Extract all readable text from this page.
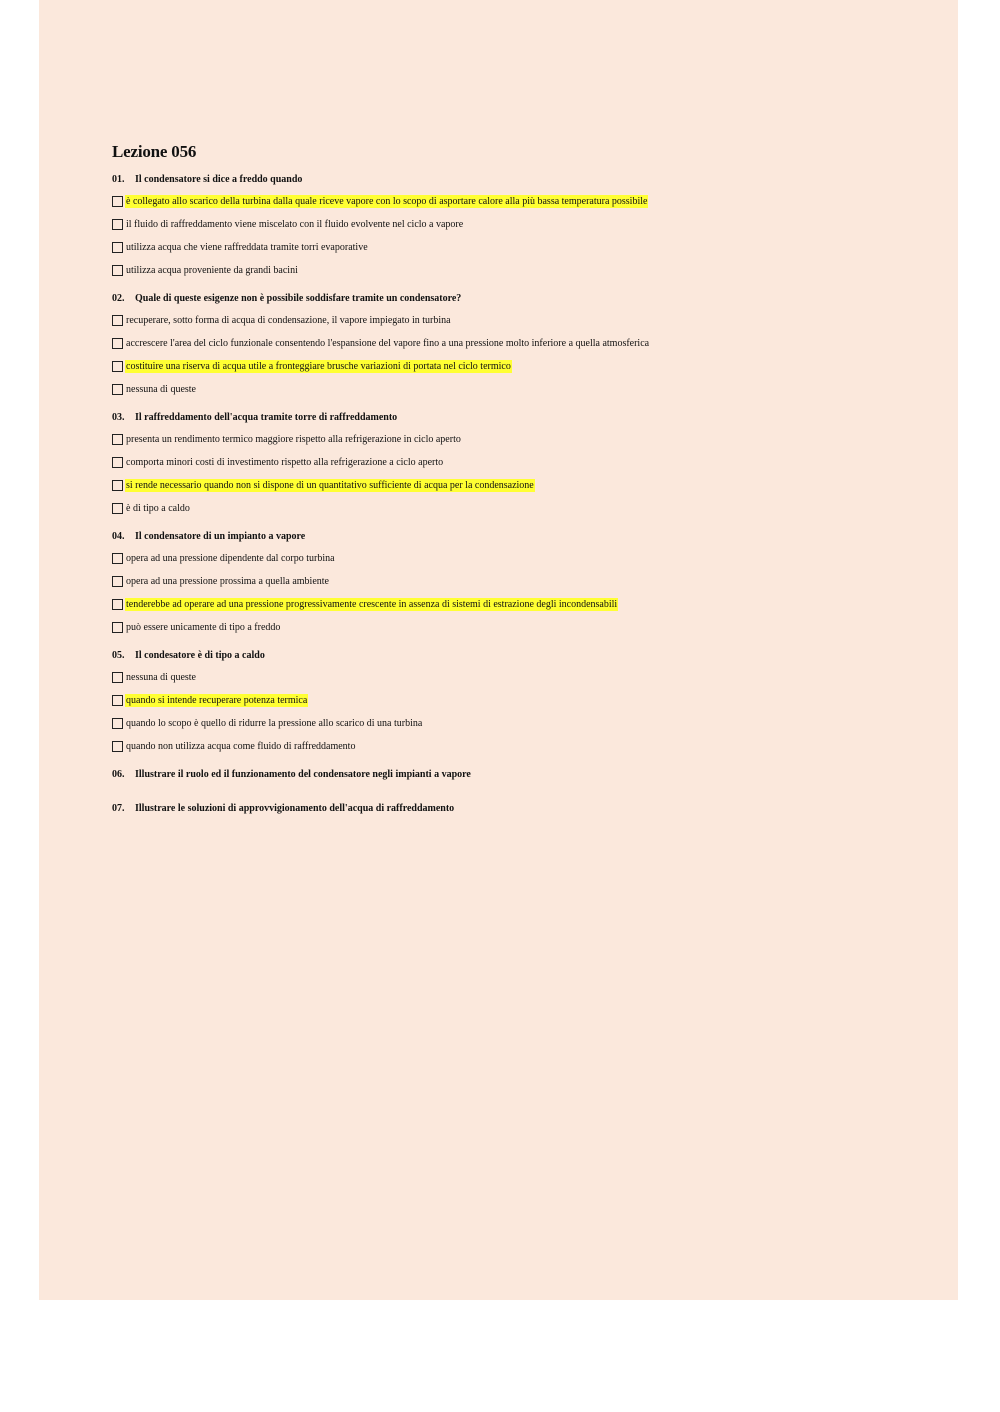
Lezione 056
01.	Il condensatore si dice a freddo quando
è collegato allo scarico della turbina dalla quale riceve vapore con lo scopo di asportare calore alla più bassa temperatura possibile
il fluido di raffreddamento viene miscelato con il fluido evolvente nel ciclo a vapore
utilizza acqua che viene raffreddata tramite torri evaporative
utilizza acqua proveniente da grandi bacini
02.	Quale di queste esigenze non è possibile soddisfare tramite un condensatore?
recuperare, sotto forma di acqua di condensazione, il vapore impiegato in turbina
accrescere l'area del ciclo funzionale consentendo l'espansione del vapore fino a una pressione molto inferiore a quella atmosferica
costituire una riserva di acqua utile a fronteggiare brusche variazioni di portata nel ciclo termico
nessuna di queste
03.	Il raffreddamento dell'acqua tramite torre di raffreddamento
presenta un rendimento termico maggiore rispetto alla refrigerazione in ciclo aperto
comporta minori costi di investimento rispetto alla refrigerazione a ciclo aperto
si rende necessario quando non si dispone di un quantitativo sufficiente di acqua per la condensazione
è di tipo a caldo
04.	Il condensatore di un impianto a vapore
opera ad una pressione dipendente dal corpo turbina
opera ad una pressione prossima a quella ambiente
tenderebbe ad operare ad una pressione progressivamente crescente in assenza di sistemi di estrazione degli incondensabili
può essere unicamente di tipo a freddo
05.	Il condesatore è di tipo a caldo
nessuna di queste
quando si intende recuperare potenza termica
quando lo scopo è quello di ridurre la pressione allo scarico di una turbina
quando non utilizza acqua come fluido di raffreddamento
06.	Illustrare il ruolo ed il funzionamento del condensatore negli impianti a vapore
07.	Illustrare le soluzioni di approvvigionamento dell'acqua di raffreddamento
